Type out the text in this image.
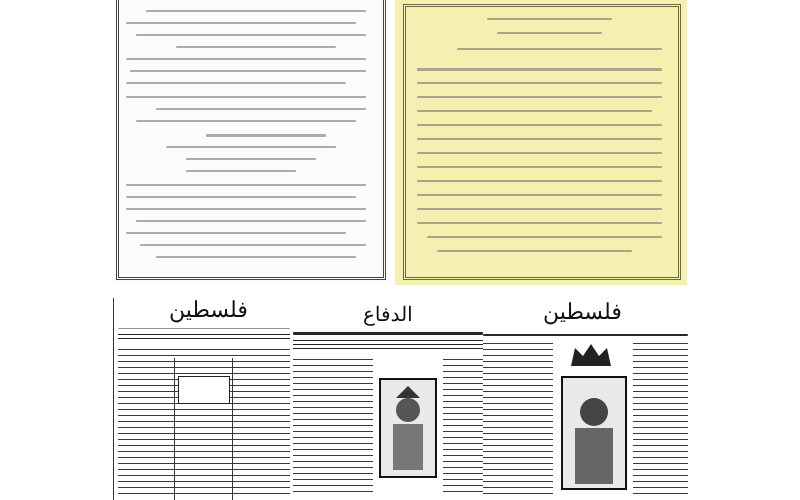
فلسطين	الدفاع	فلسطين
